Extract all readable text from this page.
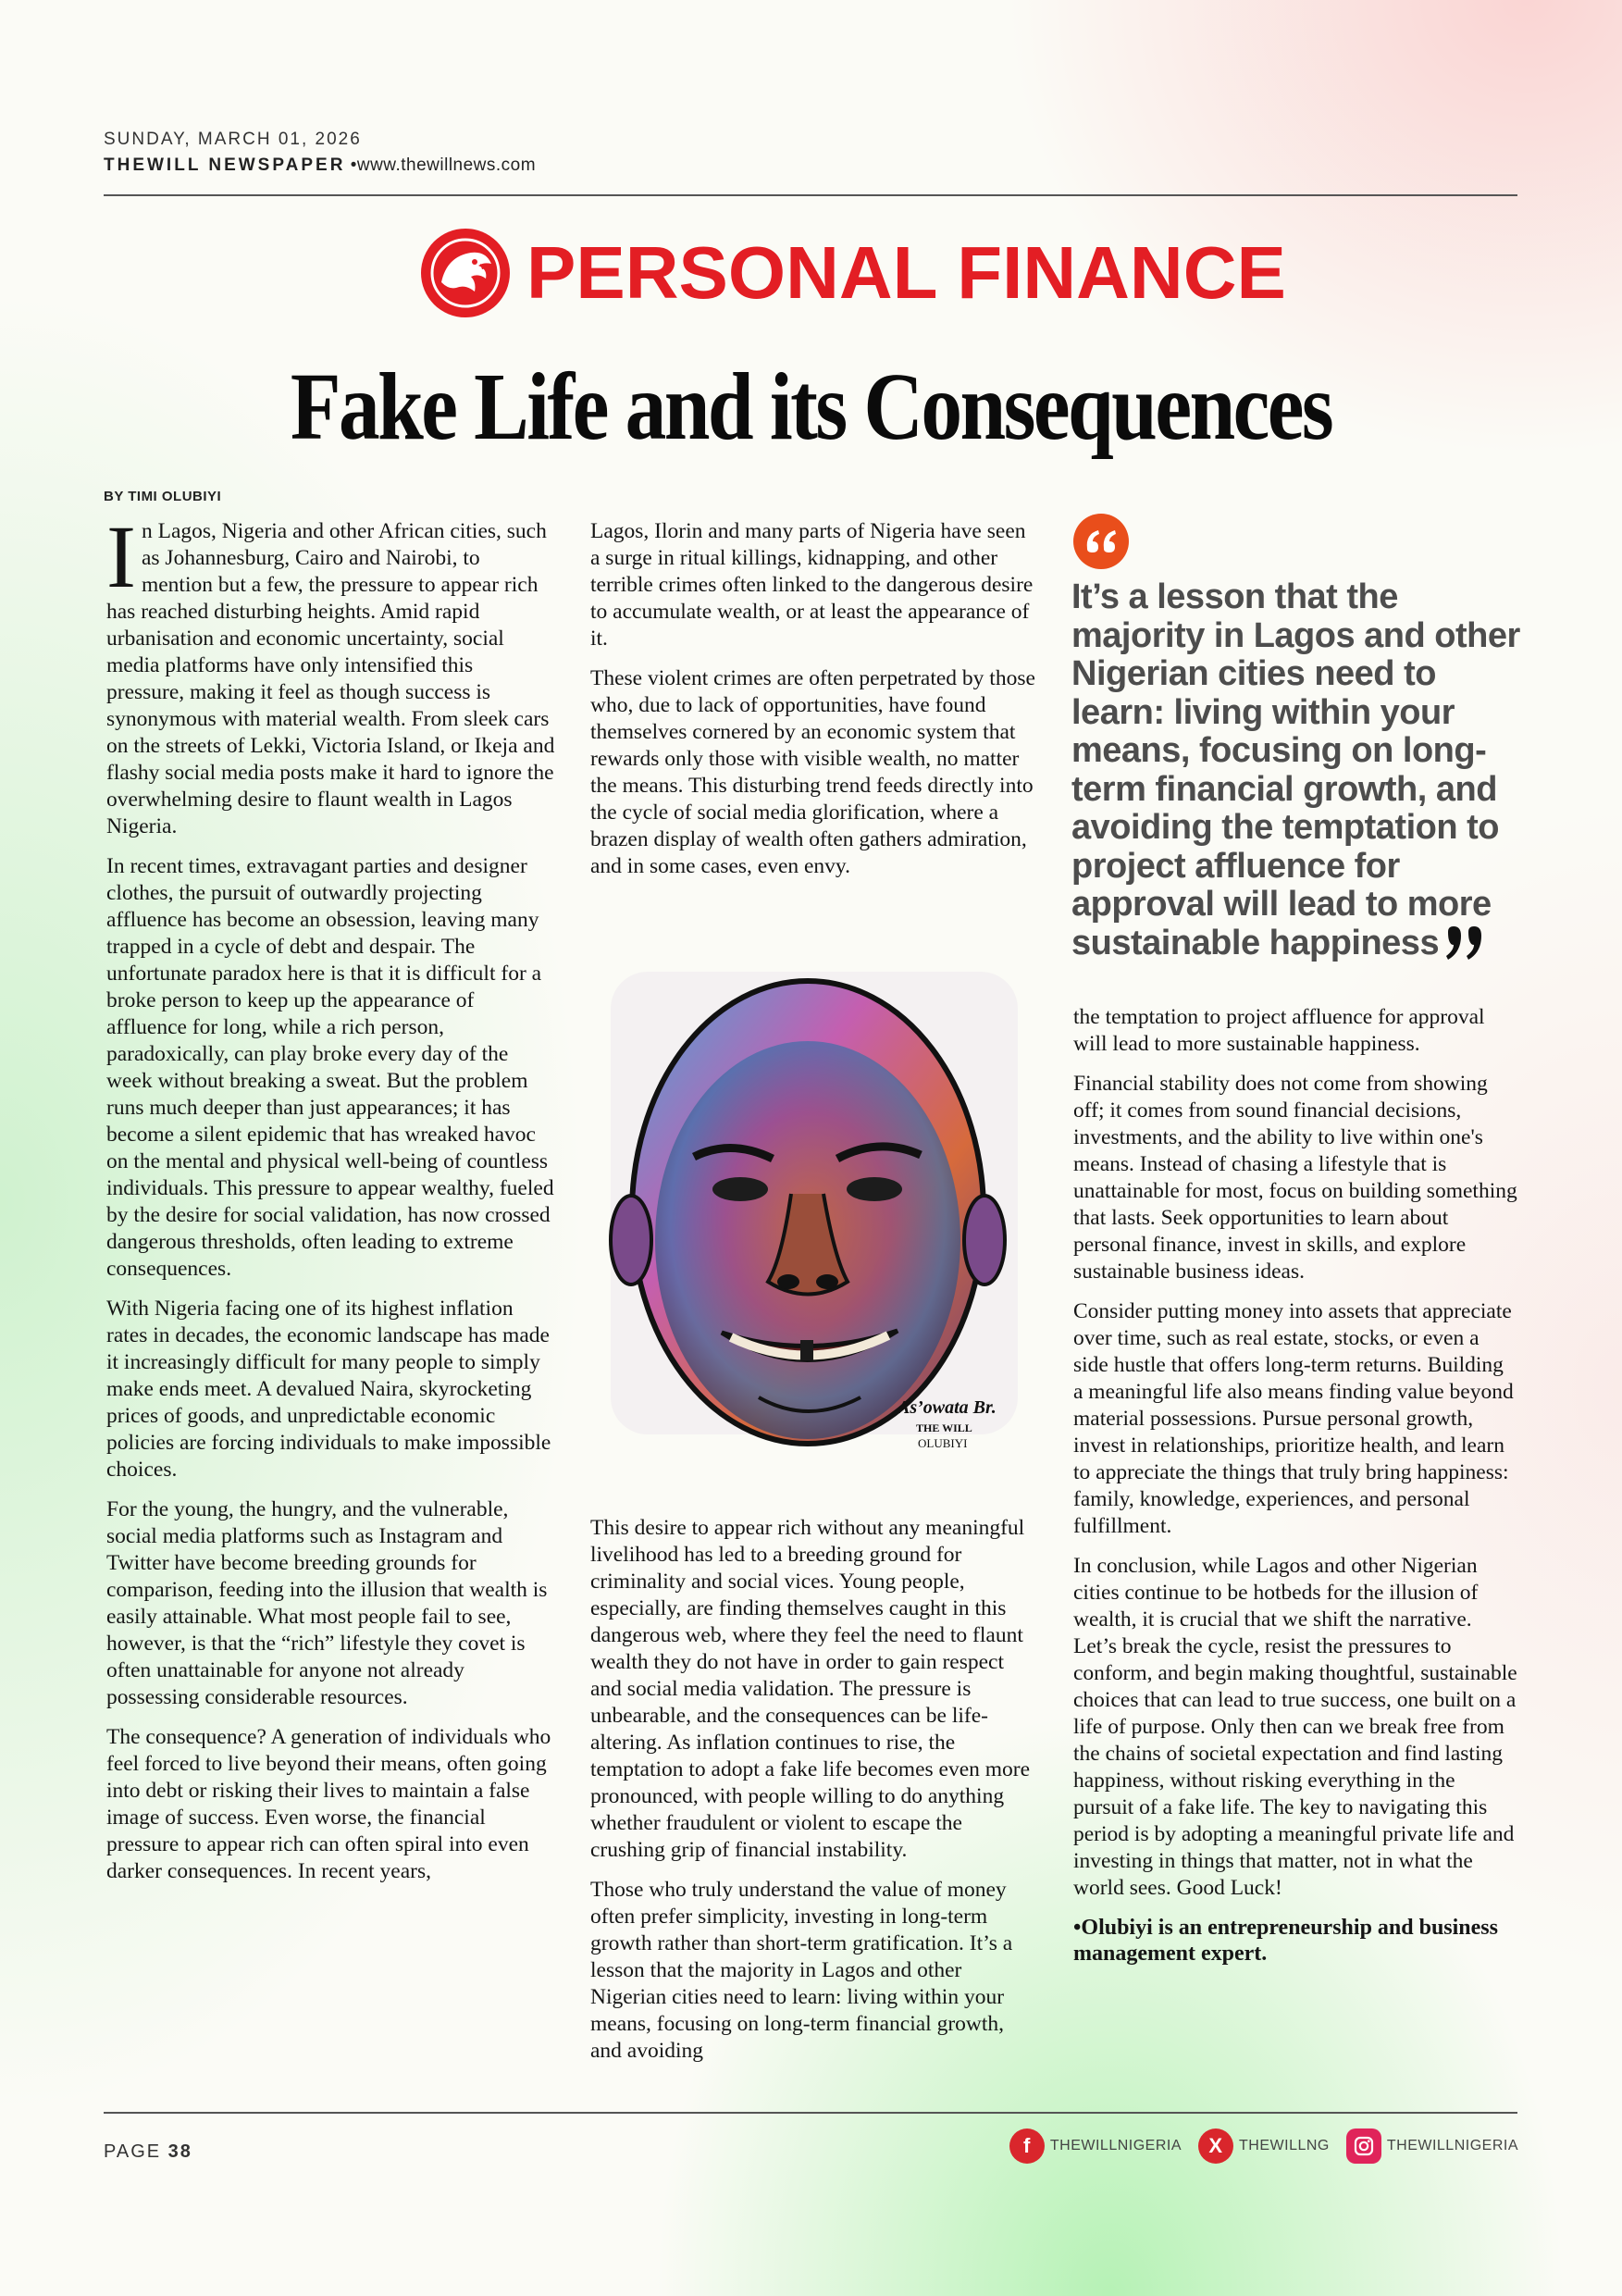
SUNDAY, MARCH 01, 2026
THEWILL NEWSPAPER •www.thewillnews.com
PERSONAL FINANCE
Fake Life and its Consequences
BY TIMI OLUBIYI

In Lagos, Nigeria and other African cities, such as Johannesburg, Cairo and Nairobi, to mention but a few, the pressure to appear rich has reached disturbing heights. Amid rapid urbanisation and economic uncertainty, social media platforms have only intensified this pressure, making it feel as though success is synonymous with material wealth. From sleek cars on the streets of Lekki, Victoria Island, or Ikeja and flashy social media posts make it hard to ignore the overwhelming desire to flaunt wealth in Lagos Nigeria.

In recent times, extravagant parties and designer clothes, the pursuit of outwardly projecting affluence has become an obsession, leaving many trapped in a cycle of debt and despair. The unfortunate paradox here is that it is difficult for a broke person to keep up the appearance of affluence for long, while a rich person, paradoxically, can play broke every day of the week without breaking a sweat. But the problem runs much deeper than just appearances; it has become a silent epidemic that has wreaked havoc on the mental and physical well-being of countless individuals. This pressure to appear wealthy, fueled by the desire for social validation, has now crossed dangerous thresholds, often leading to extreme consequences.

With Nigeria facing one of its highest inflation rates in decades, the economic landscape has made it increasingly difficult for many people to simply make ends meet. A devalued Naira, skyrocketing prices of goods, and unpredictable economic policies are forcing individuals to make impossible choices.

For the young, the hungry, and the vulnerable, social media platforms such as Instagram and Twitter have become breeding grounds for comparison, feeding into the illusion that wealth is easily attainable. What most people fail to see, however, is that the “rich” lifestyle they covet is often unattainable for anyone not already possessing considerable resources.

The consequence? A generation of individuals who feel forced to live beyond their means, often going into debt or risking their lives to maintain a false image of success. Even worse, the financial pressure to appear rich can often spiral into even darker consequences. In recent years,

Lagos, Ilorin and many parts of Nigeria have seen a surge in ritual killings, kidnapping, and other terrible crimes often linked to the dangerous desire to accumulate wealth, or at least the appearance of it.

These violent crimes are often perpetrated by those who, due to lack of opportunities, have found themselves cornered by an economic system that rewards only those with visible wealth, no matter the means. This disturbing trend feeds directly into the cycle of social media glorification, where a brazen display of wealth often gathers admiration, and in some cases, even envy.

As’owata Br.
THE WILL
OLUBIYI

This desire to appear rich without any meaningful livelihood has led to a breeding ground for criminality and social vices. Young people, especially, are finding themselves caught in this dangerous web, where they feel the need to flaunt wealth they do not have in order to gain respect and social media validation. The pressure is unbearable, and the consequences can be life-altering. As inflation continues to rise, the temptation to adopt a fake life becomes even more pronounced, with people willing to do anything whether fraudulent or violent to escape the crushing grip of financial instability.

Those who truly understand the value of money often prefer simplicity, investing in long-term growth rather than short-term gratification. It’s a lesson that the majority in Lagos and other Nigerian cities need to learn: living within your means, focusing on long-term financial growth, and avoiding

It’s a lesson that the majority in Lagos and other Nigerian cities need to learn: living within your means, focusing on long-term financial growth, and avoiding the temptation to project affluence for approval will lead to more sustainable happiness

the temptation to project affluence for approval will lead to more sustainable happiness.

Financial stability does not come from showing off; it comes from sound financial decisions, investments, and the ability to live within one's means. Instead of chasing a lifestyle that is unattainable for most, focus on building something that lasts. Seek opportunities to learn about personal finance, invest in skills, and explore sustainable business ideas.

Consider putting money into assets that appreciate over time, such as real estate, stocks, or even a side hustle that offers long-term returns. Building a meaningful life also means finding value beyond material possessions. Pursue personal growth, invest in relationships, prioritize health, and learn to appreciate the things that truly bring happiness: family, knowledge, experiences, and personal fulfillment.

In conclusion, while Lagos and other Nigerian cities continue to be hotbeds for the illusion of wealth, it is crucial that we shift the narrative. Let’s break the cycle, resist the pressures to conform, and begin making thoughtful, sustainable choices that can lead to true success, one built on a life of purpose. Only then can we break free from the chains of societal expectation and find lasting happiness, without risking everything in the pursuit of a fake life. The key to navigating this period is by adopting a meaningful private life and investing in things that matter, not in what the world sees. Good Luck!

•Olubiyi is an entrepreneurship and business management expert.

PAGE 38	f	THEWILLNIGERIA	X	THEWILLNG	THEWILLNIGERIA
